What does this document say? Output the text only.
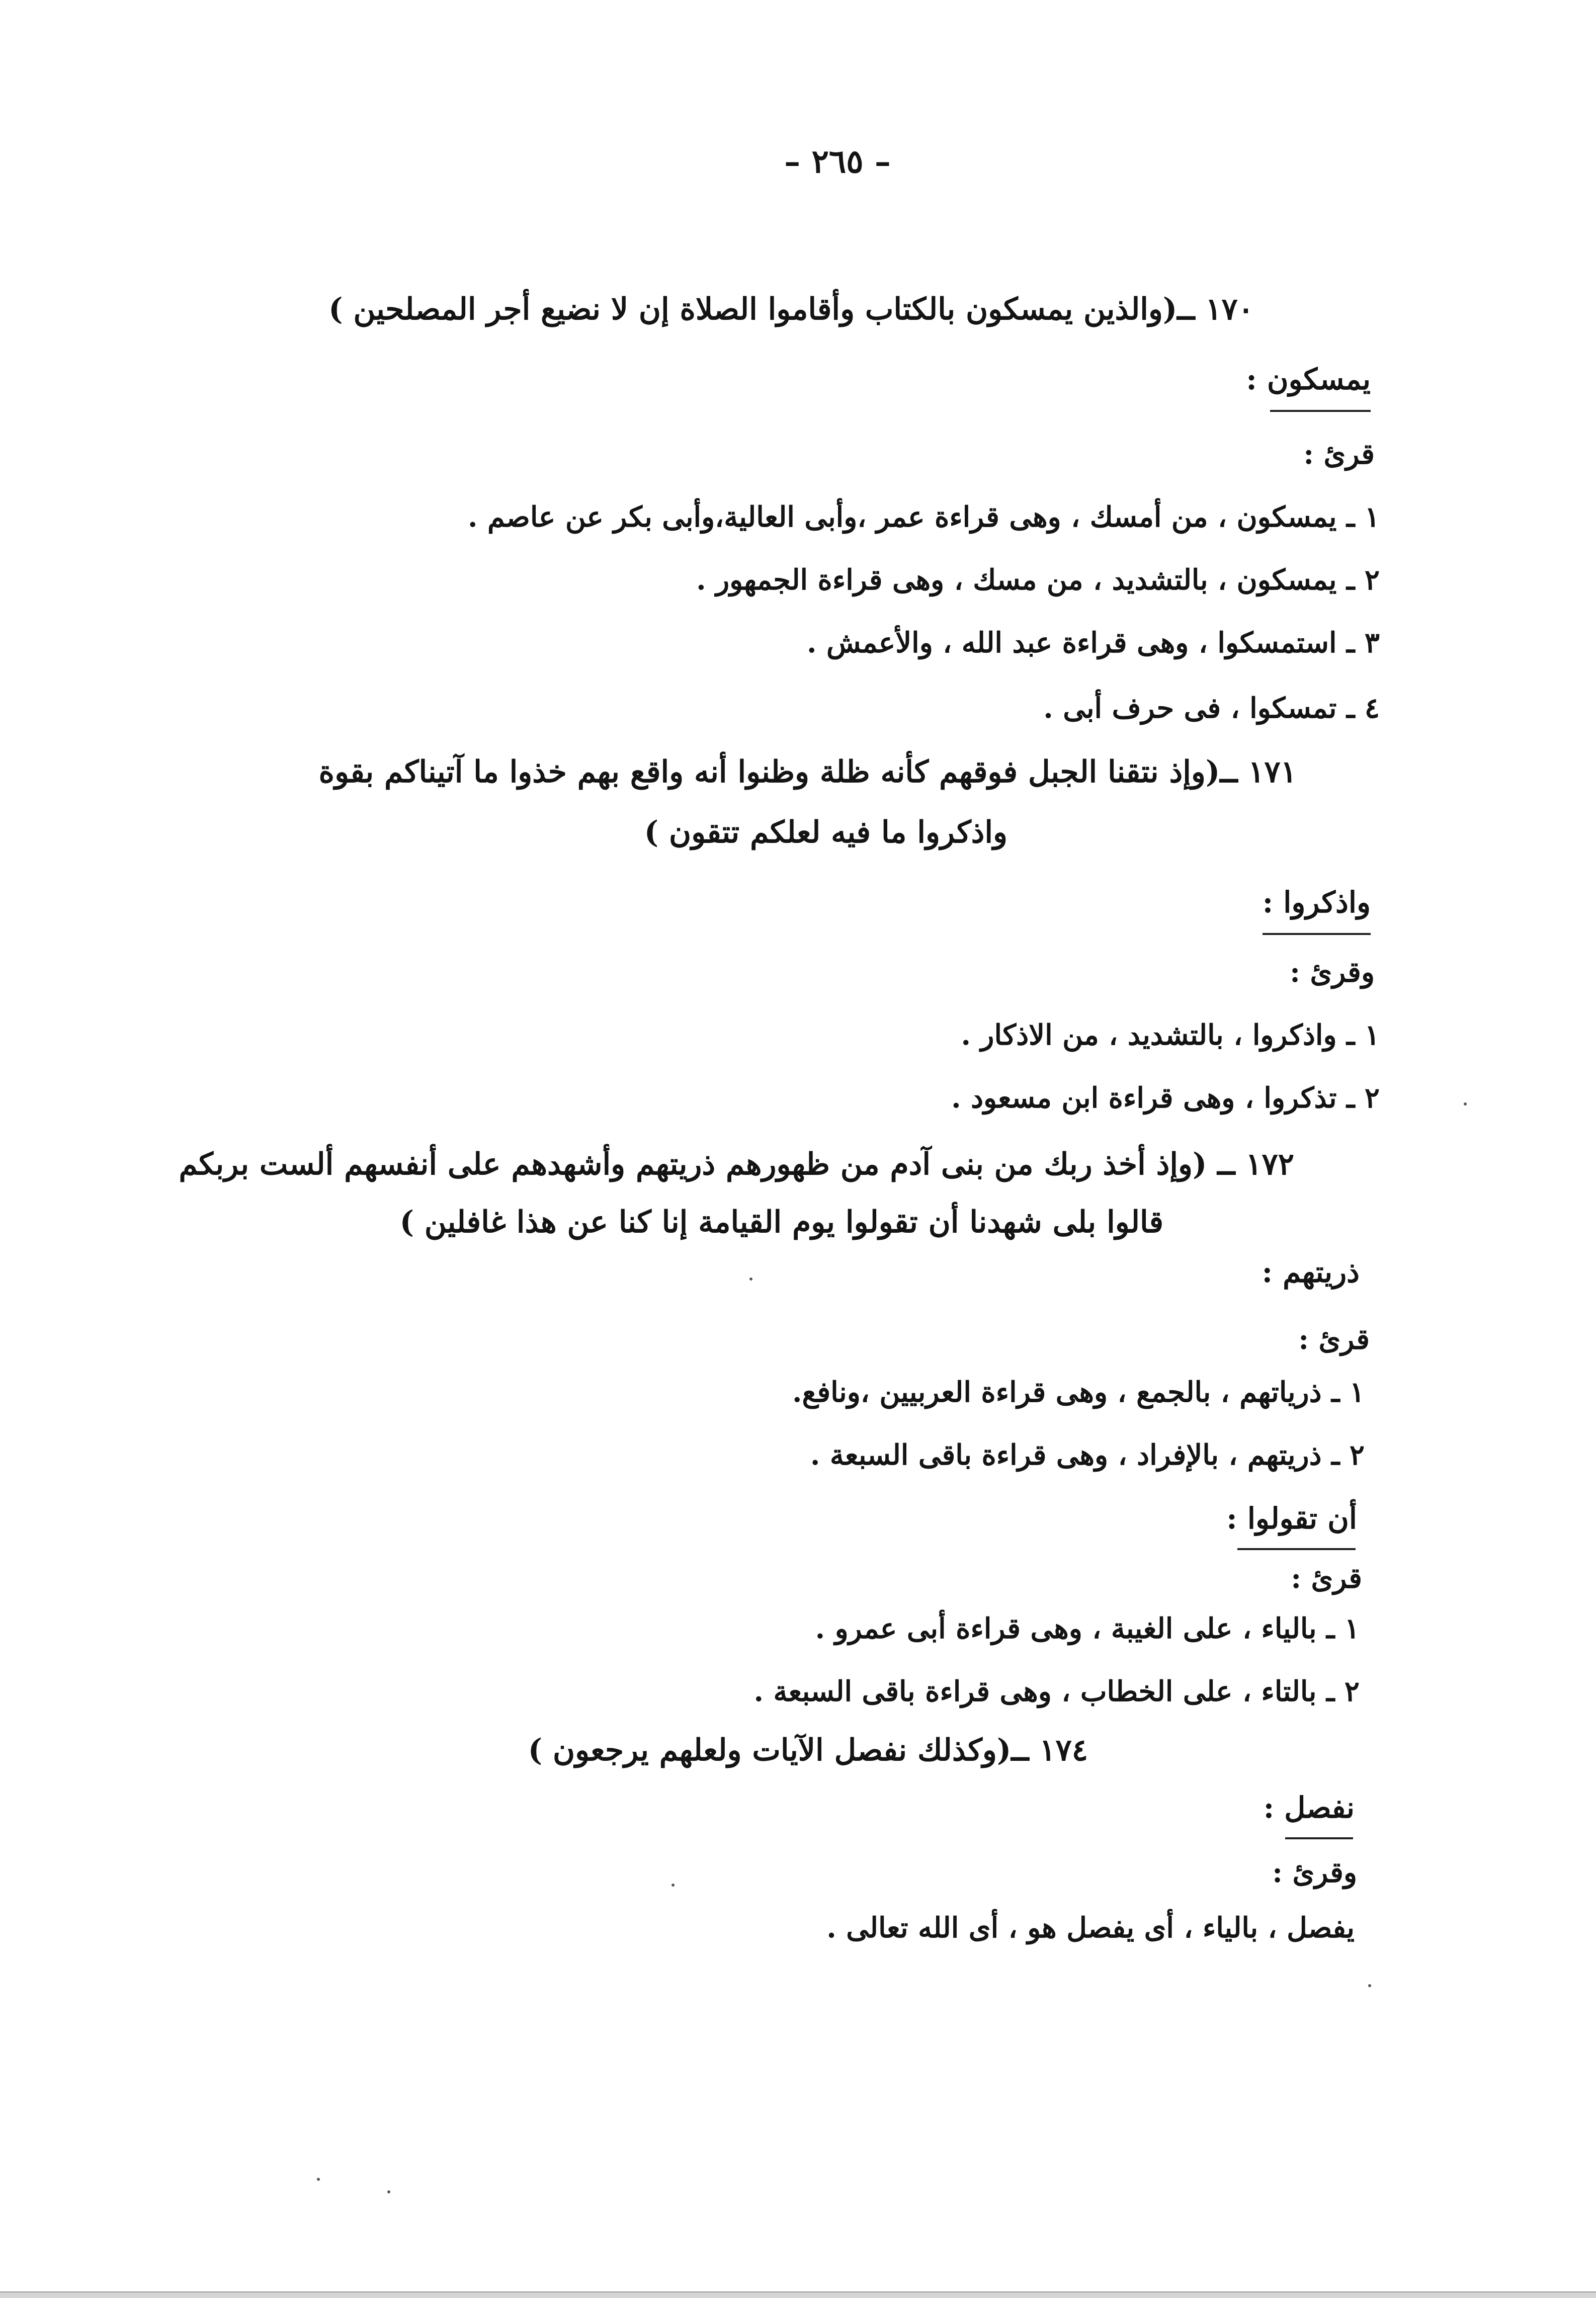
– ٢٦٥ –
١٧٠ ــ(والذين يمسكون بالكتاب وأقاموا الصلاة إن لا نضيع أجر المصلحين )
يمسكون :
قرئ :
١ ـ يمسكون ، من أمسك ، وهى قراءة عمر ،وأبى العالية،وأبى بكر عن عاصم .
٢ ـ يمسكون ، بالتشديد ، من مسك ، وهى قراءة الجمهور .
٣ ـ استمسكوا ، وهى قراءة عبد الله ، والأعمش .
٤ ـ تمسكوا ، فى حرف أبى .
١٧١ ــ(وإذ نتقنا الجبل فوقهم كأنه ظلة وظنوا أنه واقع بهم خذوا ما آتيناكم بقوة
واذكروا ما فيه لعلكم تتقون )
واذكروا :
وقرئ :
١ ـ واذكروا ، بالتشديد ، من الاذكار .
٢ ـ تذكروا ، وهى قراءة ابن مسعود .
١٧٢ ــ (وإذ أخذ ربك من بنى آدم من ظهورهم ذريتهم وأشهدهم على أنفسهم ألست بربكم
قالوا بلى شهدنا أن تقولوا يوم القيامة إنا كنا عن هذا غافلين )
ذريتهم :
قرئ :
١ ـ ذرياتهم ، بالجمع ، وهى قراءة العربيين ،ونافع.
٢ ـ ذريتهم ، بالإفراد ، وهى قراءة باقى السبعة .
أن تقولوا :
قرئ :
١ ـ بالياء ، على الغيبة ، وهى قراءة أبى عمرو .
٢ ـ بالتاء ، على الخطاب ، وهى قراءة باقى السبعة .
١٧٤ ــ(وكذلك نفصل الآيات ولعلهم يرجعون )
نفصل :
وقرئ :
يفصل ، بالياء ، أى يفصل هو ، أى الله تعالى .
